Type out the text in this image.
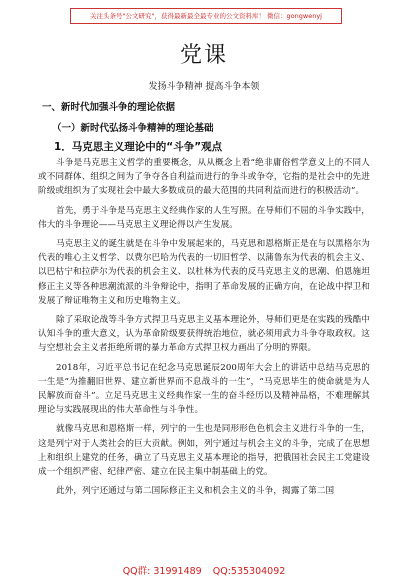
关注头条号"公文研究"，获得最新最全最专业的公文资料库！ 微信：gongwenyj
党课
发扬斗争精神 提高斗争本领
一、新时代加强斗争的理论依据
（一）新时代弘扬斗争精神的理论基础
1．马克思主义理论中的“斗争”观点

斗争是马克思主义哲学的重要概念，从从概念上看“绝非庸俗哲学意义上的不同人或不同群体、组织之间为了争夺各自利益而进行的争斗或争夺，它指的是社会中的先进阶级或组织为了实现社会中最大多数成员的最大范围的共同利益而进行的积极活动”。

首先，勇于斗争是马克思主义经典作家的人生写照。在导师们不屈的斗争实践中，伟大的斗争理论——马克思主义理论得以产生发展。

马克思主义的诞生就是在斗争中发展起来的，马克思和恩格斯正是在与以黑格尔为代表的唯心主义哲学、以费尔巴哈为代表的一切旧哲学、以蒲鲁东为代表的机会主义、以巴枯宁和拉萨尔为代表的机会主义、以杜林为代表的反马克思主义的思潮、伯恩施坦修正主义等各种思潮流派的斗争辩论中，指明了革命发展的正确方向，在论战中捍卫和发展了辩证唯物主义和历史唯物主义。

除了采取论战等斗争方式捍卫马克思主义基本理论外，导师们更是在实践的残酷中认知斗争的重大意义，认为革命阶级要获得统治地位，就必须用武力斗争夺取政权。这与空想社会主义者拒绝所谓的暴力革命方式捍卫权力画出了分明的界限。

2018年，习近平总书记在纪念马克思诞辰200周年大会上的讲话中总结马克思的一生是“为推翻旧世界、建立新世界而不息战斗的一生”，“马克思毕生的使命就是为人民解放而奋斗”。立足马克思主义经典作家一生的奋斗经历以及精神品格，不难理解其理论与实践展现出的伟大革命性与斗争性。

就像马克思和恩格斯一样，列宁的一生也是同形形色色机会主义进行斗争的一生，这是列宁对于人类社会的巨大贡献。例如，列宁通过与机会主义的斗争，完成了在思想上和组织上建党的任务，确立了马克思主义基本理论的指导，把俄国社会民主工党建设成一个组织严密、纪律严密、建立在民主集中制基础上的党。

此外，列宁还通过与第二国际修正主义和机会主义的斗争，揭露了第二国

QQ群: 31991489 QQ:535304092
